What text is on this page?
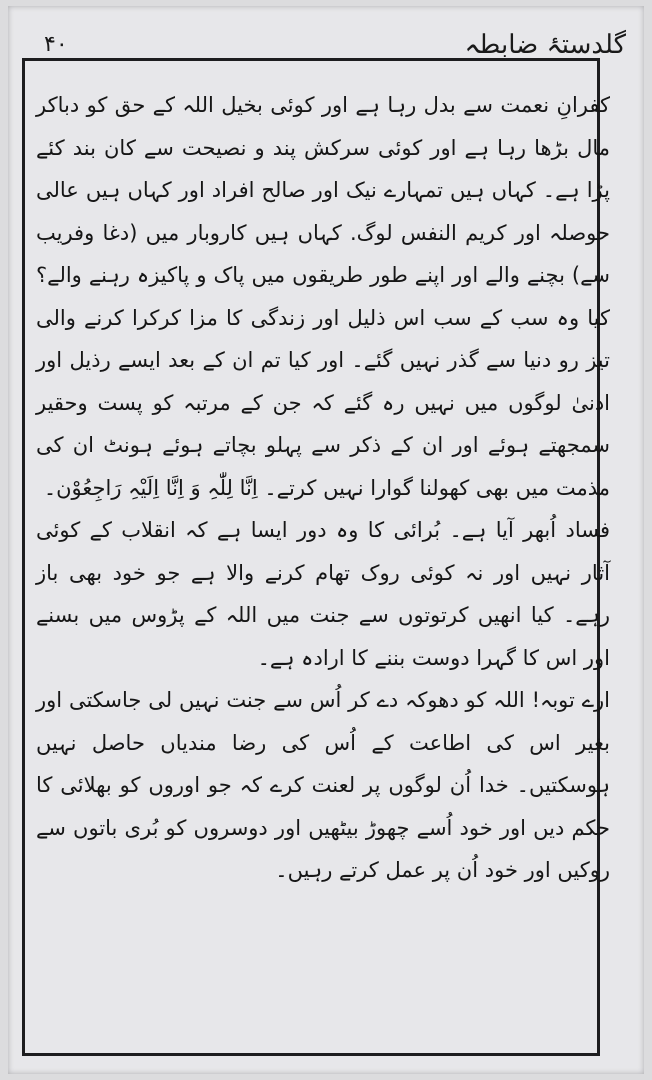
گلدستۂ ضابطہ
۴۰

کفرانِ نعمت سے بدل رہا ہے اور کوئی بخیل اللہ کے حق کو دباکر مال بڑھا رہا ہے اور کوئی سرکش پند و نصیحت سے کان بند کئے پڑا ہے۔ کہاں ہیں تمہارے نیک اور صالح افراد اور کہاں ہیں عالی حوصلہ اور کریم النفس لوگ. کہاں ہیں کاروبار میں (دغا وفریب سے) بچنے والے اور اپنے طور طریقوں میں پاک و پاکیزہ رہنے والے؟ کیا وہ سب کے سب اس ذلیل اور زندگی کا مزا کرکرا کرنے والی تیز رو دنیا سے گذر نہیں گئے۔ اور کیا تم ان کے بعد ایسے رذیل اور ادنیٰ لوگوں میں نہیں رہ گئے کہ جن کے مرتبہ کو پست وحقیر سمجھتے ہوئے اور ان کے ذکر سے پہلو بچاتے ہوئے ہونٹ ان کی مذمت میں بھی کھولنا گوارا نہیں کرتے۔ اِنَّا لِلّٰہِ وَ اِنَّا اِلَیْہِ رَاجِعُوْن۔

فساد اُبھر آیا ہے۔ بُرائی کا وہ دور ایسا ہے کہ انقلاب کے کوئی آثار نہیں اور نہ کوئی روک تھام کرنے والا ہے جو خود بھی باز رہے۔ کیا انھیں کرتوتوں سے جنت میں اللہ کے پڑوس میں بسنے اور اس کا گہرا دوست بننے کا ارادہ ہے۔

ارے توبہ! اللہ کو دھوکہ دے کر اُس سے جنت نہیں لی جاسکتی اور بغیر اس کی اطاعت کے اُس کی رضا مندیاں حاصل نہیں ہوسکتیں۔ خدا اُن لوگوں پر لعنت کرے کہ جو اوروں کو بھلائی کا حکم دیں اور خود اُسے چھوڑ بیٹھیں اور دوسروں کو بُری باتوں سے روکیں اور خود اُن پر عمل کرتے رہیں۔
